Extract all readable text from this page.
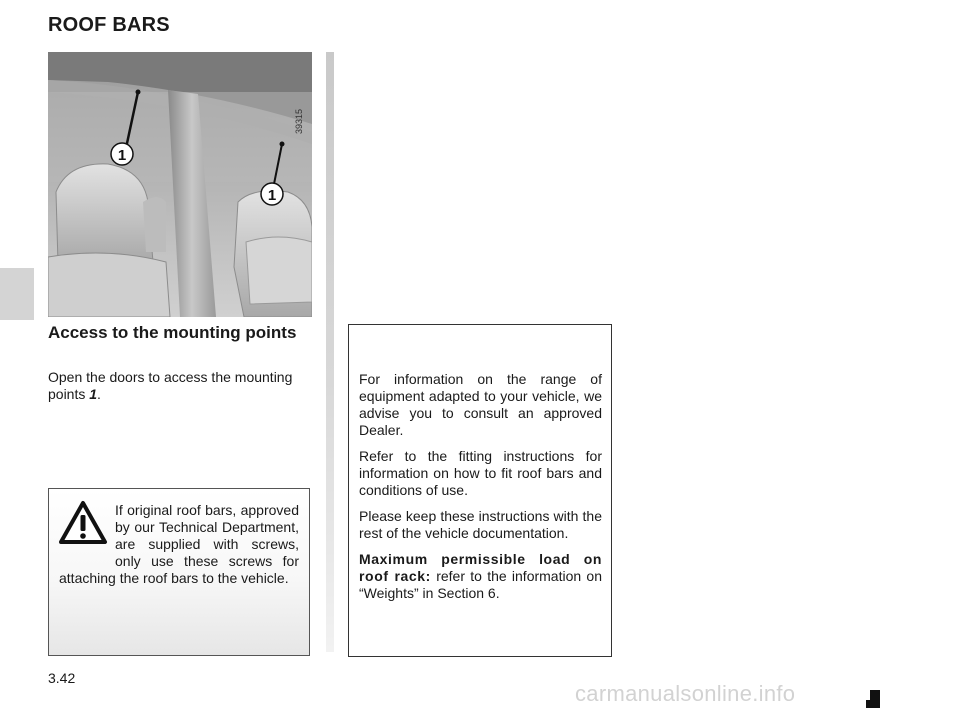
ROOF BARS
1
1
39315
Access to the mounting points
Open the doors to access the mounting points 1.
If original roof bars, approved by our Technical Department, are supplied with screws, only use these screws for attaching the roof bars to the vehicle.

For information on the range of equipment adapted to your vehicle, we advise you to consult an approved Dealer.

Refer to the fitting instructions for information on how to fit roof bars and conditions of use.

Please keep these instructions with the rest of the vehicle documentation.

Maximum permissible load on roof rack: refer to the information on “Weights” in Section 6.

3.42
carmanualsonline.info
